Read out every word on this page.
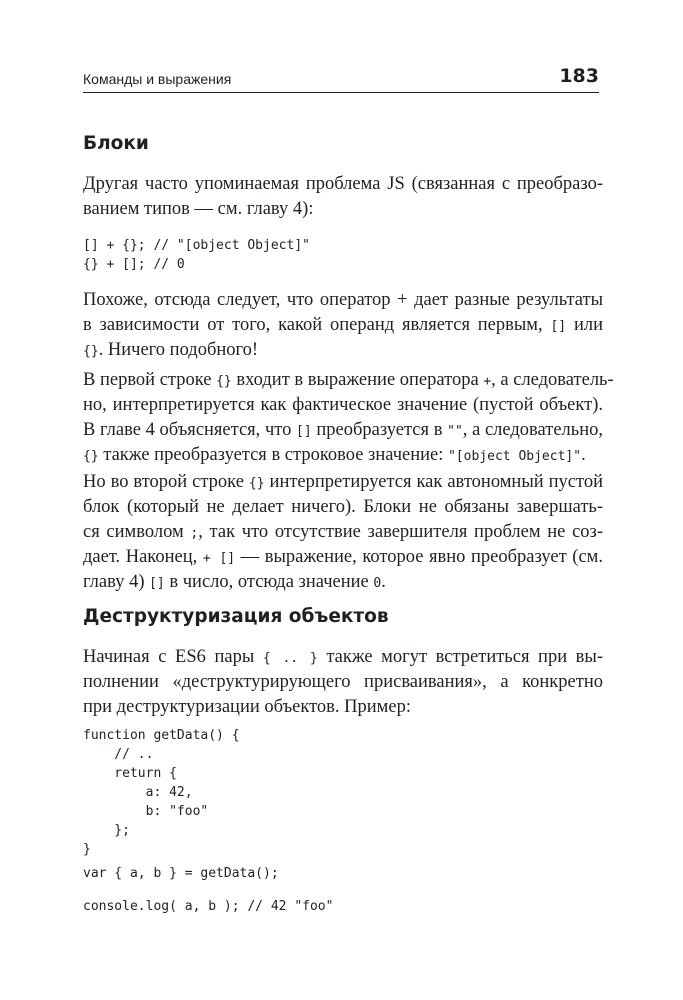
Команды и выражения	183
Блоки
Другая часто упоминаемая проблема JS (связанная с преобразо-
ванием типов — см. главу 4):
[] + {}; // "[object Object]"
{} + []; // 0
Похоже, отсюда следует, что оператор + дает разные результаты
в зависимости от того, какой операнд является первым, [] или
{}. Ничего подобного!
В первой строке {} входит в выражение оператора +, а следователь-
но, интерпретируется как фактическое значение (пустой объект).
В главе 4 объясняется, что [] преобразуется в "", а следовательно,
{} также преобразуется в строковое значение: "[object Object]".
Но во второй строке {} интерпретируется как автономный пустой
блок (который не делает ничего). Блоки не обязаны завершать-
ся символом ;, так что отсутствие завершителя проблем не соз-
дает. Наконец, + [] — выражение, которое явно преобразует (см.
главу 4) [] в число, отсюда значение 0.
Деструктуризация объектов
Начиная с ES6 пары { .. } также могут встретиться при вы-
полнении «деструктурирующего присваивания», а конкретно
при деструктуризации объектов. Пример:
function getData() {
// ..
return {
a: 42,
b: "foo"
};
}
var { a, b } = getData();
console.log( a, b ); // 42 "foo"
